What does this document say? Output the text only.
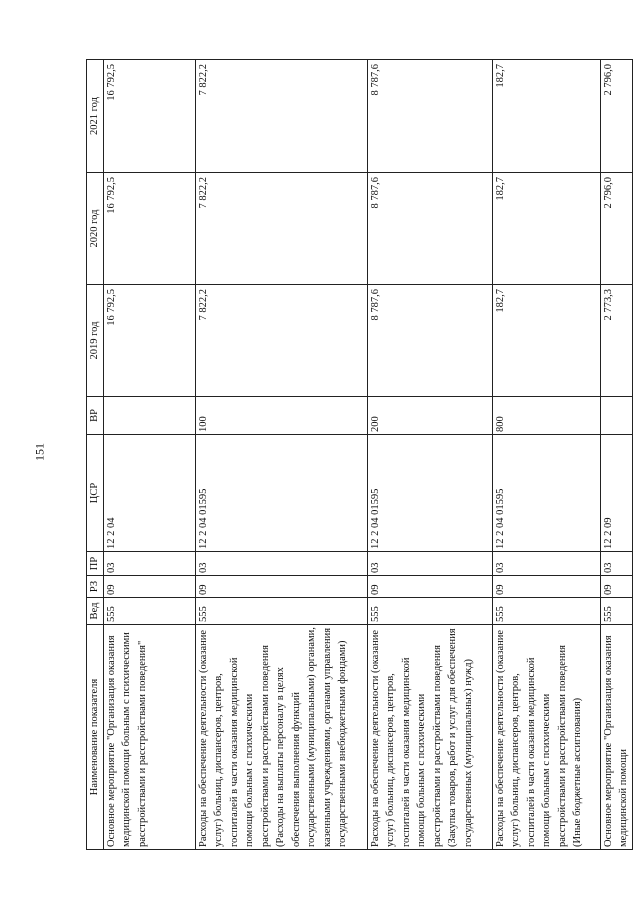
151
Наименование показателя	Вед	РЗ	ПР	ЦСР	ВР	2019 год	2020 год	2021 год
Основное мероприятие "Организация оказания медицинской помощи больным с психическими расстройствами и расстройствами поведения"	555	09	03	12 2 04		16 792,5	16 792,5	16 792,5
Расходы на обеспечение деятельности (оказание услуг) больниц, диспансеров, центров, госпиталей в части оказания медицинской помощи больным с психическими расстройствами и расстройствами поведения (Расходы на выплаты персоналу в целях обеспечения выполнения функций государственными (муниципальными) органами, казенными учреждениями, органами управления государственными внебюджетными фондами)	555	09	03	12 2 04 01595	100	7 822,2	7 822,2	7 822,2
Расходы на обеспечение деятельности (оказание услуг) больниц, диспансеров, центров, госпиталей в части оказания медицинской помощи больным с психическими расстройствами и расстройствами поведения (Закупка товаров, работ и услуг для обеспечения государственных (муниципальных) нужд)	555	09	03	12 2 04 01595	200	8 787,6	8 787,6	8 787,6
Расходы на обеспечение деятельности (оказание услуг) больниц, диспансеров, центров, госпиталей в части оказания медицинской помощи больным с психическими расстройствами и расстройствами поведения (Иные бюджетные ассигнования)	555	09	03	12 2 04 01595	800	182,7	182,7	182,7
Основное мероприятие "Организация оказания медицинской помощи	555	09	03	12 2 09		2 773,3	2 796,0	2 796,0
